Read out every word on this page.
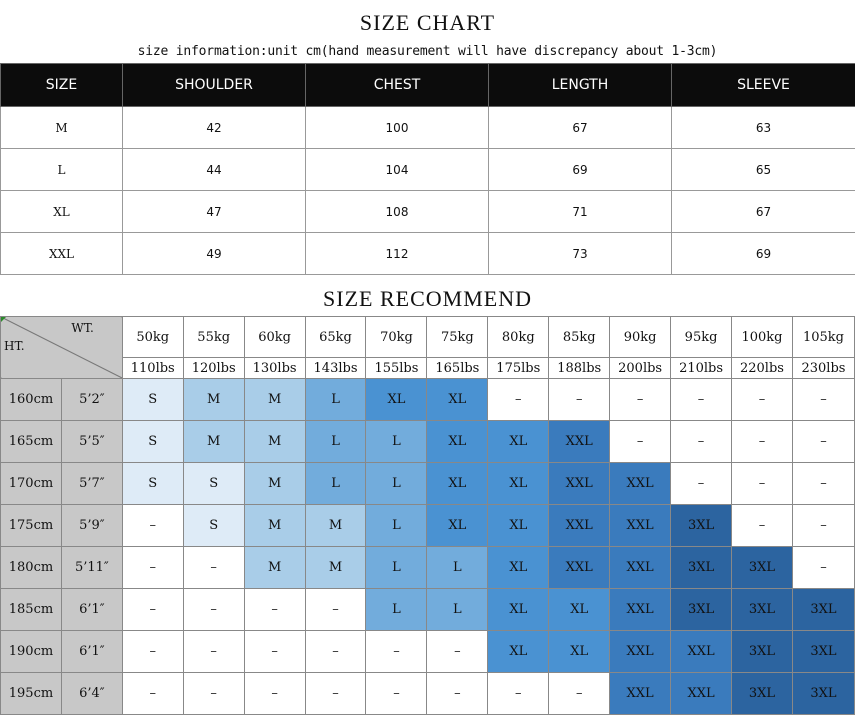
SIZE CHART
size information:unit cm(hand measurement will have discrepancy about 1-3cm)
SIZE	SHOULDER	CHEST	LENGTH	SLEEVE
M	42	100	67	63
L	44	104	69	65
XL	47	108	71	67
XXL	49	112	73	69
SIZE RECOMMEND
WT.
HT.		50kg	55kg	60kg	65kg	70kg	75kg	80kg	85kg	90kg	95kg	100kg	105kg
		110lbs	120lbs	130lbs	143lbs	155lbs	165lbs	175lbs	188lbs	200lbs	210lbs	220lbs	230lbs
160cm	5’2″	S	M	M	L	XL	XL	–	–	–	–	–	–
165cm	5’5″	S	M	M	L	L	XL	XL	XXL	–	–	–	–
170cm	5’7″	S	S	M	L	L	XL	XL	XXL	XXL	–	–	–
175cm	5’9″	–	S	M	M	L	XL	XL	XXL	XXL	3XL	–	–
180cm	5’11″	–	–	M	M	L	L	XL	XXL	XXL	3XL	3XL	–
185cm	6’1″	–	–	–	–	L	L	XL	XL	XXL	3XL	3XL	3XL
190cm	6’1″	–	–	–	–	–	–	XL	XL	XXL	XXL	3XL	3XL
195cm	6’4″	–	–	–	–	–	–	–	–	XXL	XXL	3XL	3XL
